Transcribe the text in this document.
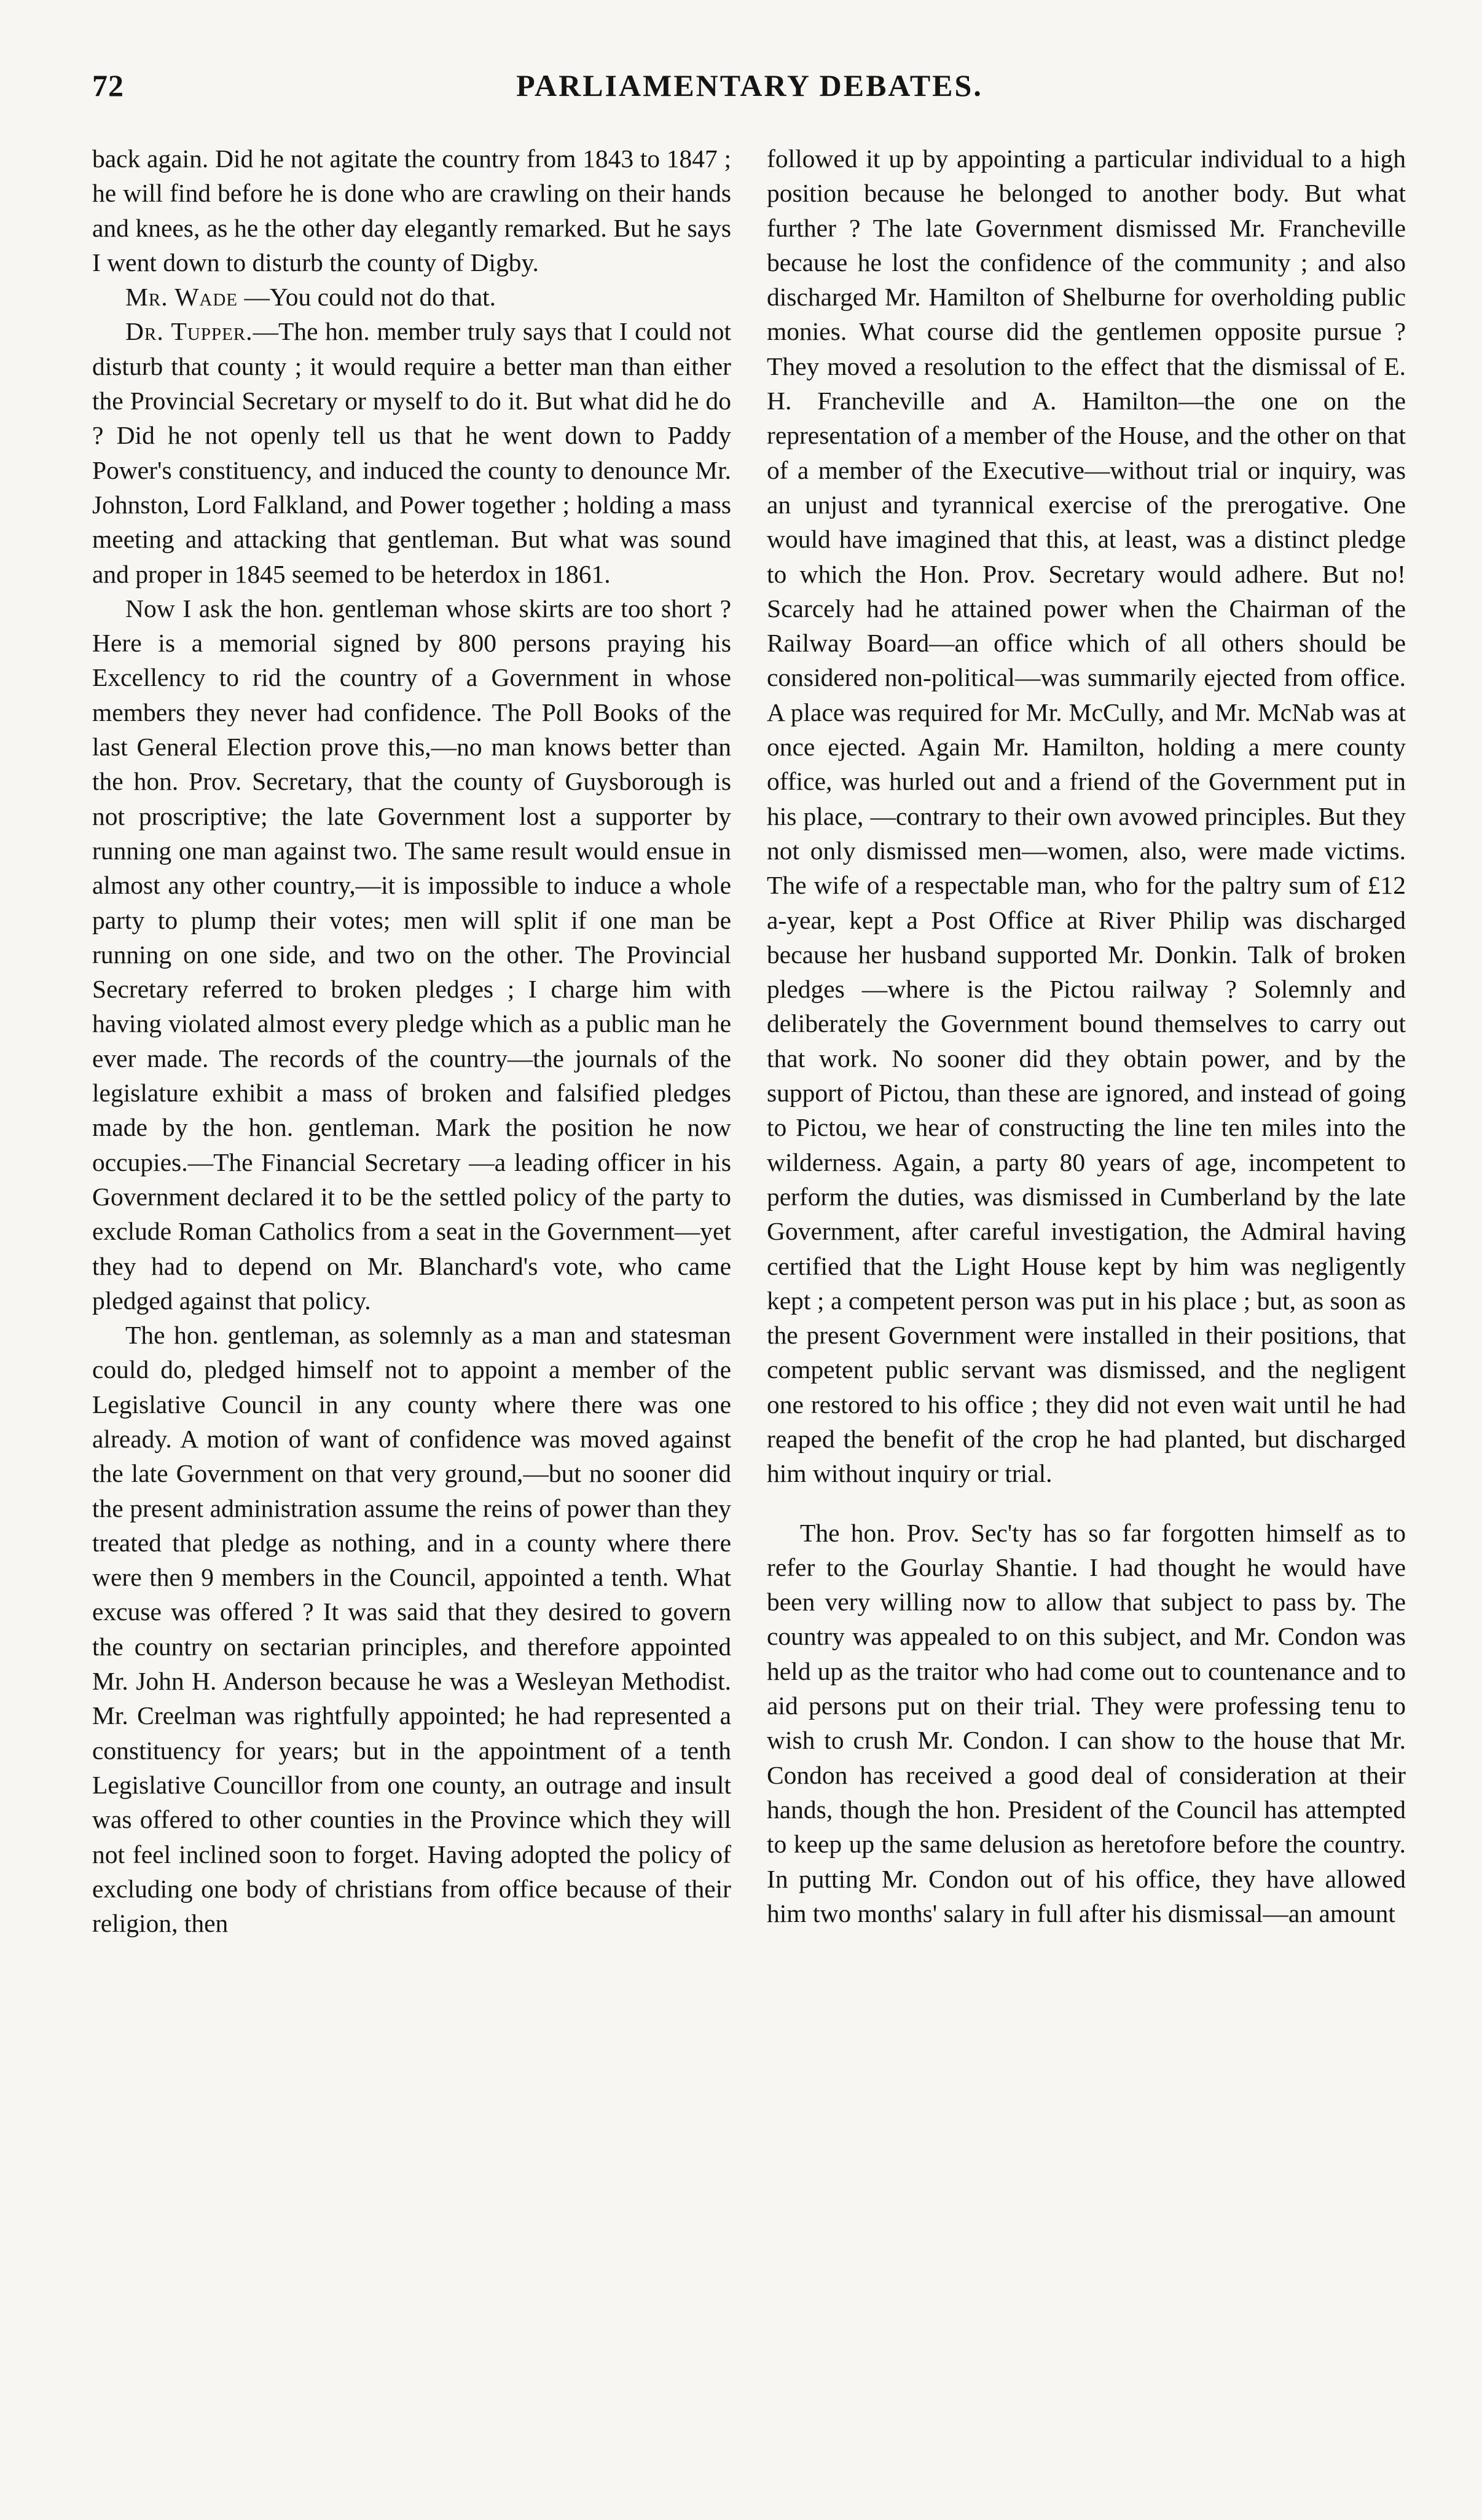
72	PARLIAMENTARY DEBATES.

back again. Did he not agitate the country from 1843 to 1847 ; he will find before he is done who are crawling on their hands and knees, as he the other day elegantly remarked. But he says I went down to disturb the county of Digby.

Mr. Wade —You could not do that.

Dr. Tupper.—The hon. member truly says that I could not disturb that county ; it would require a better man than either the Provincial Secretary or myself to do it. But what did he do ? Did he not openly tell us that he went down to Paddy Power's constituency, and induced the county to denounce Mr. Johnston, Lord Falkland, and Power together ; holding a mass meeting and attacking that gentleman. But what was sound and proper in 1845 seemed to be heterdox in 1861.

Now I ask the hon. gentleman whose skirts are too short ? Here is a memorial signed by 800 persons praying his Excellency to rid the country of a Government in whose members they never had confidence. The Poll Books of the last General Election prove this,—no man knows better than the hon. Prov. Secretary, that the county of Guysborough is not proscriptive; the late Government lost a supporter by running one man against two. The same result would ensue in almost any other country,—it is impossible to induce a whole party to plump their votes; men will split if one man be running on one side, and two on the other. The Provincial Secretary referred to broken pledges ; I charge him with having violated almost every pledge which as a public man he ever made. The records of the country—the journals of the legislature exhibit a mass of broken and falsified pledges made by the hon. gentleman. Mark the position he now occupies.—The Financial Secretary —a leading officer in his Government declared it to be the settled policy of the party to exclude Roman Catholics from a seat in the Government—yet they had to depend on Mr. Blanchard's vote, who came pledged against that policy.

The hon. gentleman, as solemnly as a man and statesman could do, pledged himself not to appoint a member of the Legislative Council in any county where there was one already. A motion of want of confidence was moved against the late Government on that very ground,—but no sooner did the present administration assume the reins of power than they treated that pledge as nothing, and in a county where there were then 9 members in the Council, appointed a tenth. What excuse was offered ? It was said that they desired to govern the country on sectarian principles, and therefore appointed Mr. John H. Anderson because he was a Wesleyan Methodist. Mr. Creelman was rightfully appointed; he had represented a constituency for years; but in the appointment of a tenth Legislative Councillor from one county, an outrage and insult was offered to other counties in the Province which they will not feel inclined soon to forget. Having adopted the policy of excluding one body of christians from office because of their religion, then

followed it up by appointing a particular individual to a high position because he belonged to another body. But what further ? The late Government dismissed Mr. Francheville because he lost the confidence of the community ; and also discharged Mr. Hamilton of Shelburne for overholding public monies. What course did the gentlemen opposite pursue ? They moved a resolution to the effect that the dismissal of E. H. Francheville and A. Hamilton—the one on the representation of a member of the House, and the other on that of a member of the Executive—without trial or inquiry, was an unjust and tyrannical exercise of the prerogative. One would have imagined that this, at least, was a distinct pledge to which the Hon. Prov. Secretary would adhere. But no! Scarcely had he attained power when the Chairman of the Railway Board—an office which of all others should be considered non-political—was summarily ejected from office. A place was required for Mr. McCully, and Mr. McNab was at once ejected. Again Mr. Hamilton, holding a mere county office, was hurled out and a friend of the Government put in his place, —contrary to their own avowed principles. But they not only dismissed men—women, also, were made victims. The wife of a respectable man, who for the paltry sum of £12 a-year, kept a Post Office at River Philip was discharged because her husband supported Mr. Donkin. Talk of broken pledges —where is the Pictou railway ? Solemnly and deliberately the Government bound themselves to carry out that work. No sooner did they obtain power, and by the support of Pictou, than these are ignored, and instead of going to Pictou, we hear of constructing the line ten miles into the wilderness. Again, a party 80 years of age, incompetent to perform the duties, was dismissed in Cumberland by the late Government, after careful investigation, the Admiral having certified that the Light House kept by him was negligently kept ; a competent person was put in his place ; but, as soon as the present Government were installed in their positions, that competent public servant was dismissed, and the negligent one restored to his office ; they did not even wait until he had reaped the benefit of the crop he had planted, but discharged him without inquiry or trial.

The hon. Prov. Sec'ty has so far forgotten himself as to refer to the Gourlay Shantie. I had thought he would have been very willing now to allow that subject to pass by. The country was appealed to on this subject, and Mr. Condon was held up as the traitor who had come out to countenance and to aid persons put on their trial. They were professing tenu to wish to crush Mr. Condon. I can show to the house that Mr. Condon has received a good deal of consideration at their hands, though the hon. President of the Council has attempted to keep up the same delusion as heretofore before the country. In putting Mr. Condon out of his office, they have allowed him two months' salary in full after his dismissal—an amount
